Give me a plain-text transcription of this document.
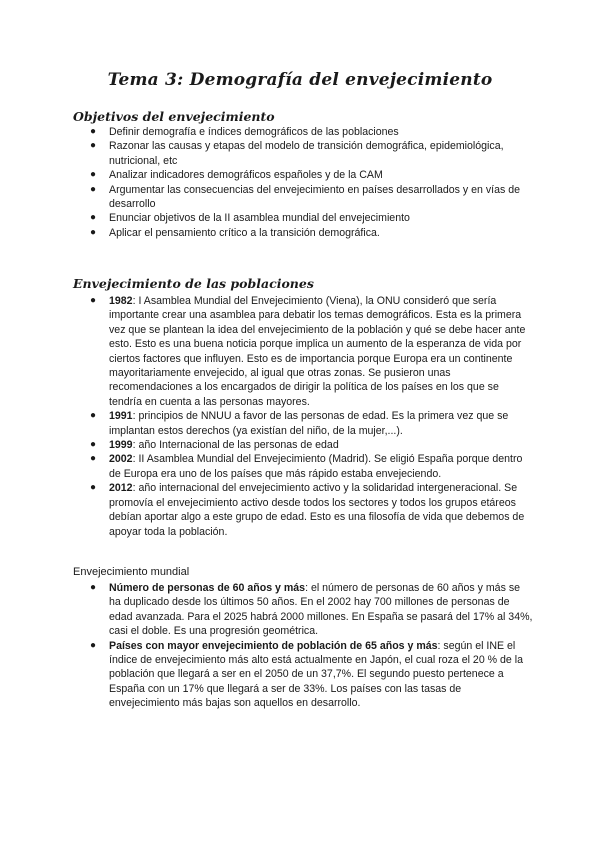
Tema 3: Demografía del envejecimiento
Objetivos del envejecimiento
● Definir demografía e índices demográficos de las poblaciones
● Razonar las causas y etapas del modelo de transición demográfica, epidemiológica, nutricional, etc
● Analizar indicadores demográficos españoles y de la CAM
● Argumentar las consecuencias del envejecimiento en países desarrollados y en vías de desarrollo
● Enunciar objetivos de la II asamblea mundial del envejecimiento
● Aplicar el pensamiento crítico a la transición demográfica.
Envejecimiento de las poblaciones
● 1982: I Asamblea Mundial del Envejecimiento (Viena), la ONU consideró que sería importante crear una asamblea para debatir los temas demográficos. Esta es la primera vez que se plantean la idea del envejecimiento de la población y qué se debe hacer ante esto. Esto es una buena noticia porque implica un aumento de la esperanza de vida por ciertos factores que influyen. Esto es de importancia porque Europa era un continente mayoritariamente envejecido, al igual que otras zonas. Se pusieron unas recomendaciones a los encargados de dirigir la política de los países en los que se tendría en cuenta a las personas mayores.
● 1991: principios de NNUU a favor de las personas de edad. Es la primera vez que se implantan estos derechos (ya existían del niño, de la mujer,...).
● 1999: año Internacional de las personas de edad
● 2002: II Asamblea Mundial del Envejecimiento (Madrid). Se eligió España porque dentro de Europa era uno de los países que más rápido estaba envejeciendo.
● 2012: año internacional del envejecimiento activo y la solidaridad intergeneracional. Se promovía el envejecimiento activo desde todos los sectores y todos los grupos etáreos debían aportar algo a este grupo de edad. Esto es una filosofía de vida que debemos de apoyar toda la población.
Envejecimiento mundial
● Número de personas de 60 años y más: el número de personas de 60 años y más se ha duplicado desde los últimos 50 años. En el 2002 hay 700 millones de personas de edad avanzada. Para el 2025 habrá 2000 millones. En España se pasará del 17% al 34%, casi el doble. Es una progresión geométrica.
● Países con mayor envejecimiento de población de 65 años y más: según el INE el índice de envejecimiento más alto está actualmente en Japón, el cual roza el 20 % de la población que llegará a ser en el 2050 de un 37,7%. El segundo puesto pertenece a España con un 17% que llegará a ser de 33%. Los países con las tasas de envejecimiento más bajas son aquellos en desarrollo.
